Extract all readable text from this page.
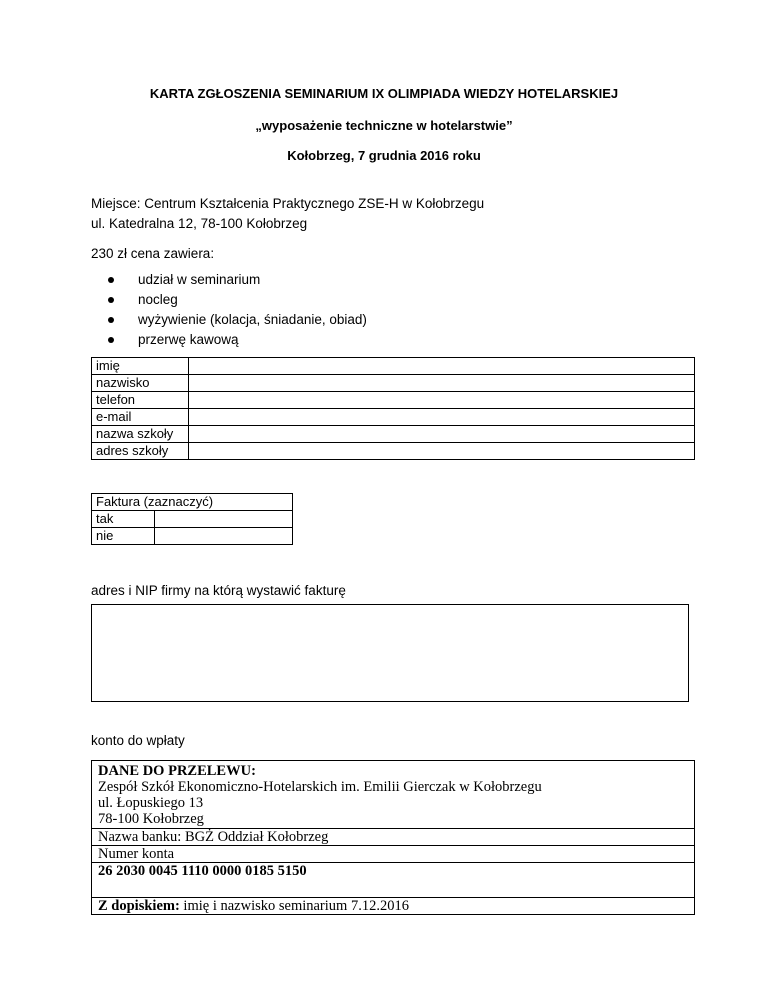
KARTA ZGŁOSZENIA SEMINARIUM IX OLIMPIADA WIEDZY HOTELARSKIEJ
„wyposażenie techniczne w hotelarstwie”
Kołobrzeg, 7 grudnia 2016 roku
Miejsce: Centrum Kształcenia Praktycznego ZSE-H w Kołobrzegu
ul. Katedralna 12, 78-100 Kołobrzeg
230 zł cena zawiera:
udział w seminarium
nocleg
wyżywienie (kolacja, śniadanie, obiad)
przerwę kawową
imię	
nazwisko	
telefon	
e-mail	
nazwa szkoły	
adres szkoły	
Faktura (zaznaczyć)	
tak	
nie	
adres i NIP firmy na którą wystawić fakturę
konto do wpłaty
DANE DO PRZELEWU:
Zespół Szkół Ekonomiczno-Hotelarskich im. Emilii Gierczak w Kołobrzegu
ul. Łopuskiego 13
78-100 Kołobrzeg

Nazwa banku: BGŻ Oddział Kołobrzeg
Numer konta
26 2030 0045 1110 0000 0185 5150
Z dopiskiem: imię i nazwisko seminarium 7.12.2016
